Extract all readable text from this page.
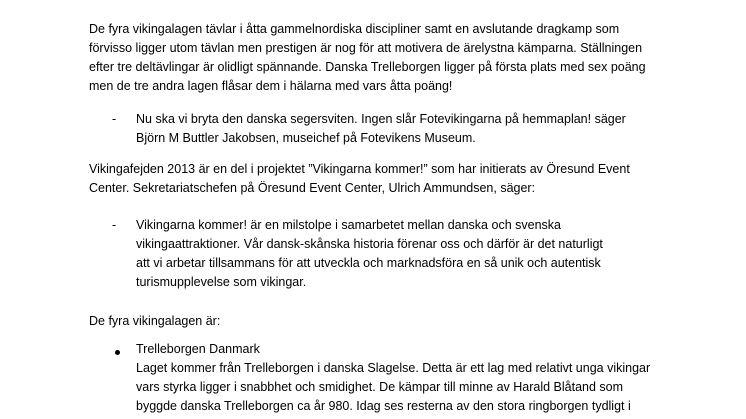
De fyra vikingalagen tävlar i åtta gammelnordiska discipliner samt en avslutande dragkamp som
förvisso ligger utom tävlan men prestigen är nog för att motivera de ärelystna kämparna. Ställningen
efter tre deltävlingar är olidligt spännande. Danska Trelleborgen ligger på första plats med sex poäng
men de tre andra lagen flåsar dem i hälarna med vars åtta poäng!
- Nu ska vi bryta den danska segersviten. Ingen slår Fotevikingarna på hemmaplan! säger
Björn M Buttler Jakobsen, museichef på Fotevikens Museum.
Vikingafejden 2013 är en del i projektet ”Vikingarna kommer!” som har initierats av Öresund Event
Center. Sekretariatschefen på Öresund Event Center, Ulrich Ammundsen, säger:
- Vikingarna kommer! är en milstolpe i samarbetet mellan danska och svenska
vikingaattraktioner. Vår dansk-skånska historia förenar oss och därför är det naturligt
att vi arbetar tillsammans för att utveckla och marknadsföra en så unik och autentisk
turismupplevelse som vikingar.
De fyra vikingalagen är:
Trelleborgen Danmark
Laget kommer från Trelleborgen i danska Slagelse. Detta är ett lag med relativt unga vikingar
vars styrka ligger i snabbhet och smidighet. De kämpar till minne av Harald Blåtand som
byggde danska Trelleborgen ca år 980. Idag ses resterna av den stora ringborgen tydligt i
